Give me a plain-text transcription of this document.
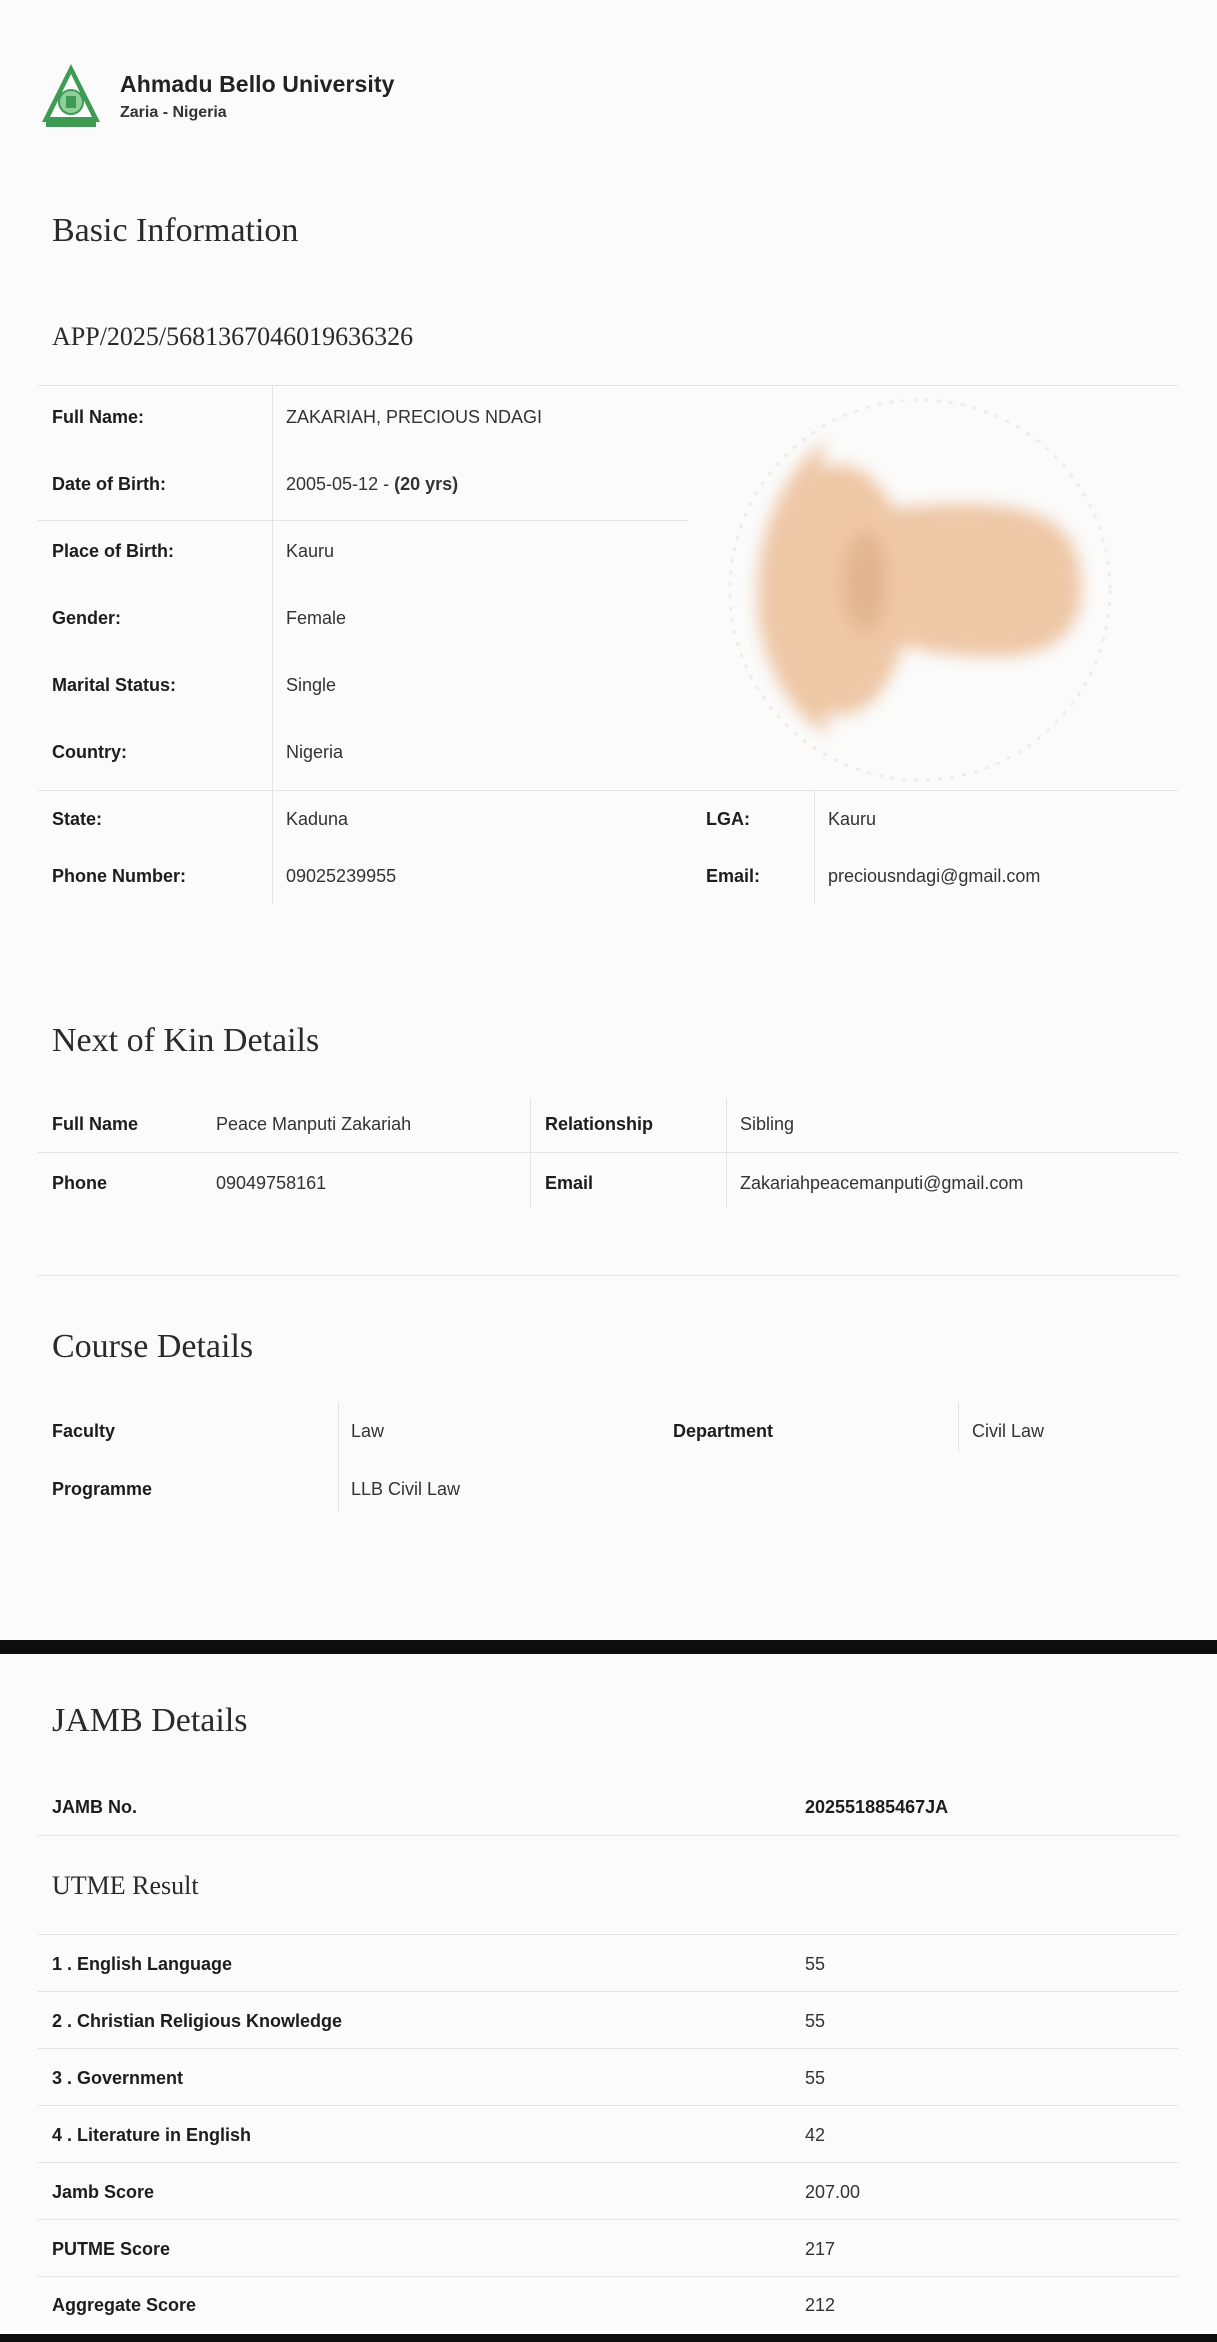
Ahmadu Bello University
Zaria - Nigeria
Basic Information
APP/2025/5681367046019636326
Full Name:	ZAKARIAH, PRECIOUS NDAGI
Date of Birth:	2005-05-12 - (20 yrs)
Place of Birth:	Kauru
Gender:	Female
Marital Status:	Single
Country:	Nigeria
State:	Kaduna	LGA:	Kauru
Phone Number:	09025239955	Email:	preciousndagi@gmail.com
Next of Kin Details
Full Name	Peace Manputi Zakariah	Relationship	Sibling
Phone	09049758161	Email	Zakariahpeacemanputi@gmail.com
Course Details
Faculty	Law	Department	Civil Law
Programme	LLB Civil Law
JAMB Details
JAMB No.	202551885467JA
UTME Result
1 . English Language	55
2 . Christian Religious Knowledge	55
3 . Government	55
4 . Literature in English	42
Jamb Score	207.00
PUTME Score	217
Aggregate Score	212
